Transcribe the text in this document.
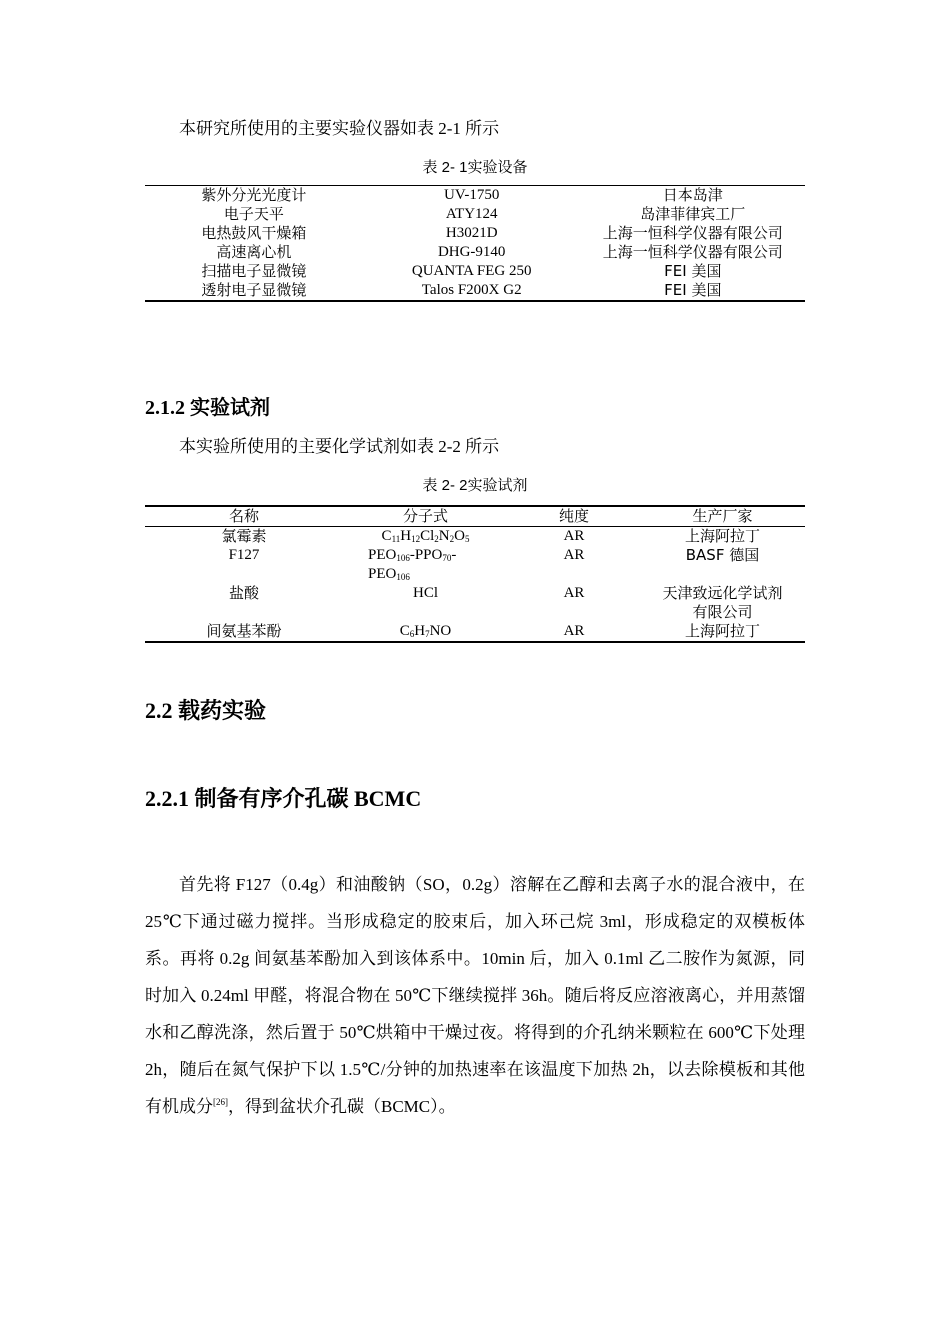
本研究所使用的主要实验仪器如表 2-1 所示
表 2- 1实验设备
紫外分光光度计	UV-1750	日本岛津
电子天平	ATY124	岛津菲律宾工厂
电热鼓风干燥箱	H3021D	上海一恒科学仪器有限公司
高速离心机	DHG-9140	上海一恒科学仪器有限公司
扫描电子显微镜	QUANTA FEG 250	FEI 美国
透射电子显微镜	Talos F200X G2	FEI 美国
2.1.2 实验试剂
本实验所使用的主要化学试剂如表 2-2 所示
表 2- 2实验试剂
名称	分子式	纯度	生产厂家
氯霉素	$C_{11}H_{12}Cl_2N_2O_5$	AR	上海阿拉丁
F127	$PEO_{106}-PPO_{70}-PEO_{106}$	AR	BASF 德国
盐酸	HCl	AR	天津致远化学试剂有限公司
间氨基苯酚	$C_6H_7NO$	AR	上海阿拉丁
2.2 载药实验
2.2.1 制备有序介孔碳 BCMC
首先将 F127（0.4g）和油酸钠（SO，0.2g）溶解在乙醇和去离子水的混合液中，在 25℃下通过磁力搅拌。当形成稳定的胶束后，加入环己烷 3ml，形成稳定的双模板体系。再将 0.2g 间氨基苯酚加入到该体系中。10min 后，加入 0.1ml 乙二胺作为氮源，同时加入 0.24ml 甲醛，将混合物在 50℃下继续搅拌 36h。随后将反应溶液离心，并用蒸馏水和乙醇洗涤，然后置于 50℃烘箱中干燥过夜。将得到的介孔纳米颗粒在 600℃下处理 2h，随后在氮气保护下以 1.5℃/分钟的加热速率在该温度下加热 2h，以去除模板和其他有机成分[26]，得到盆状介孔碳（BCMC）。
